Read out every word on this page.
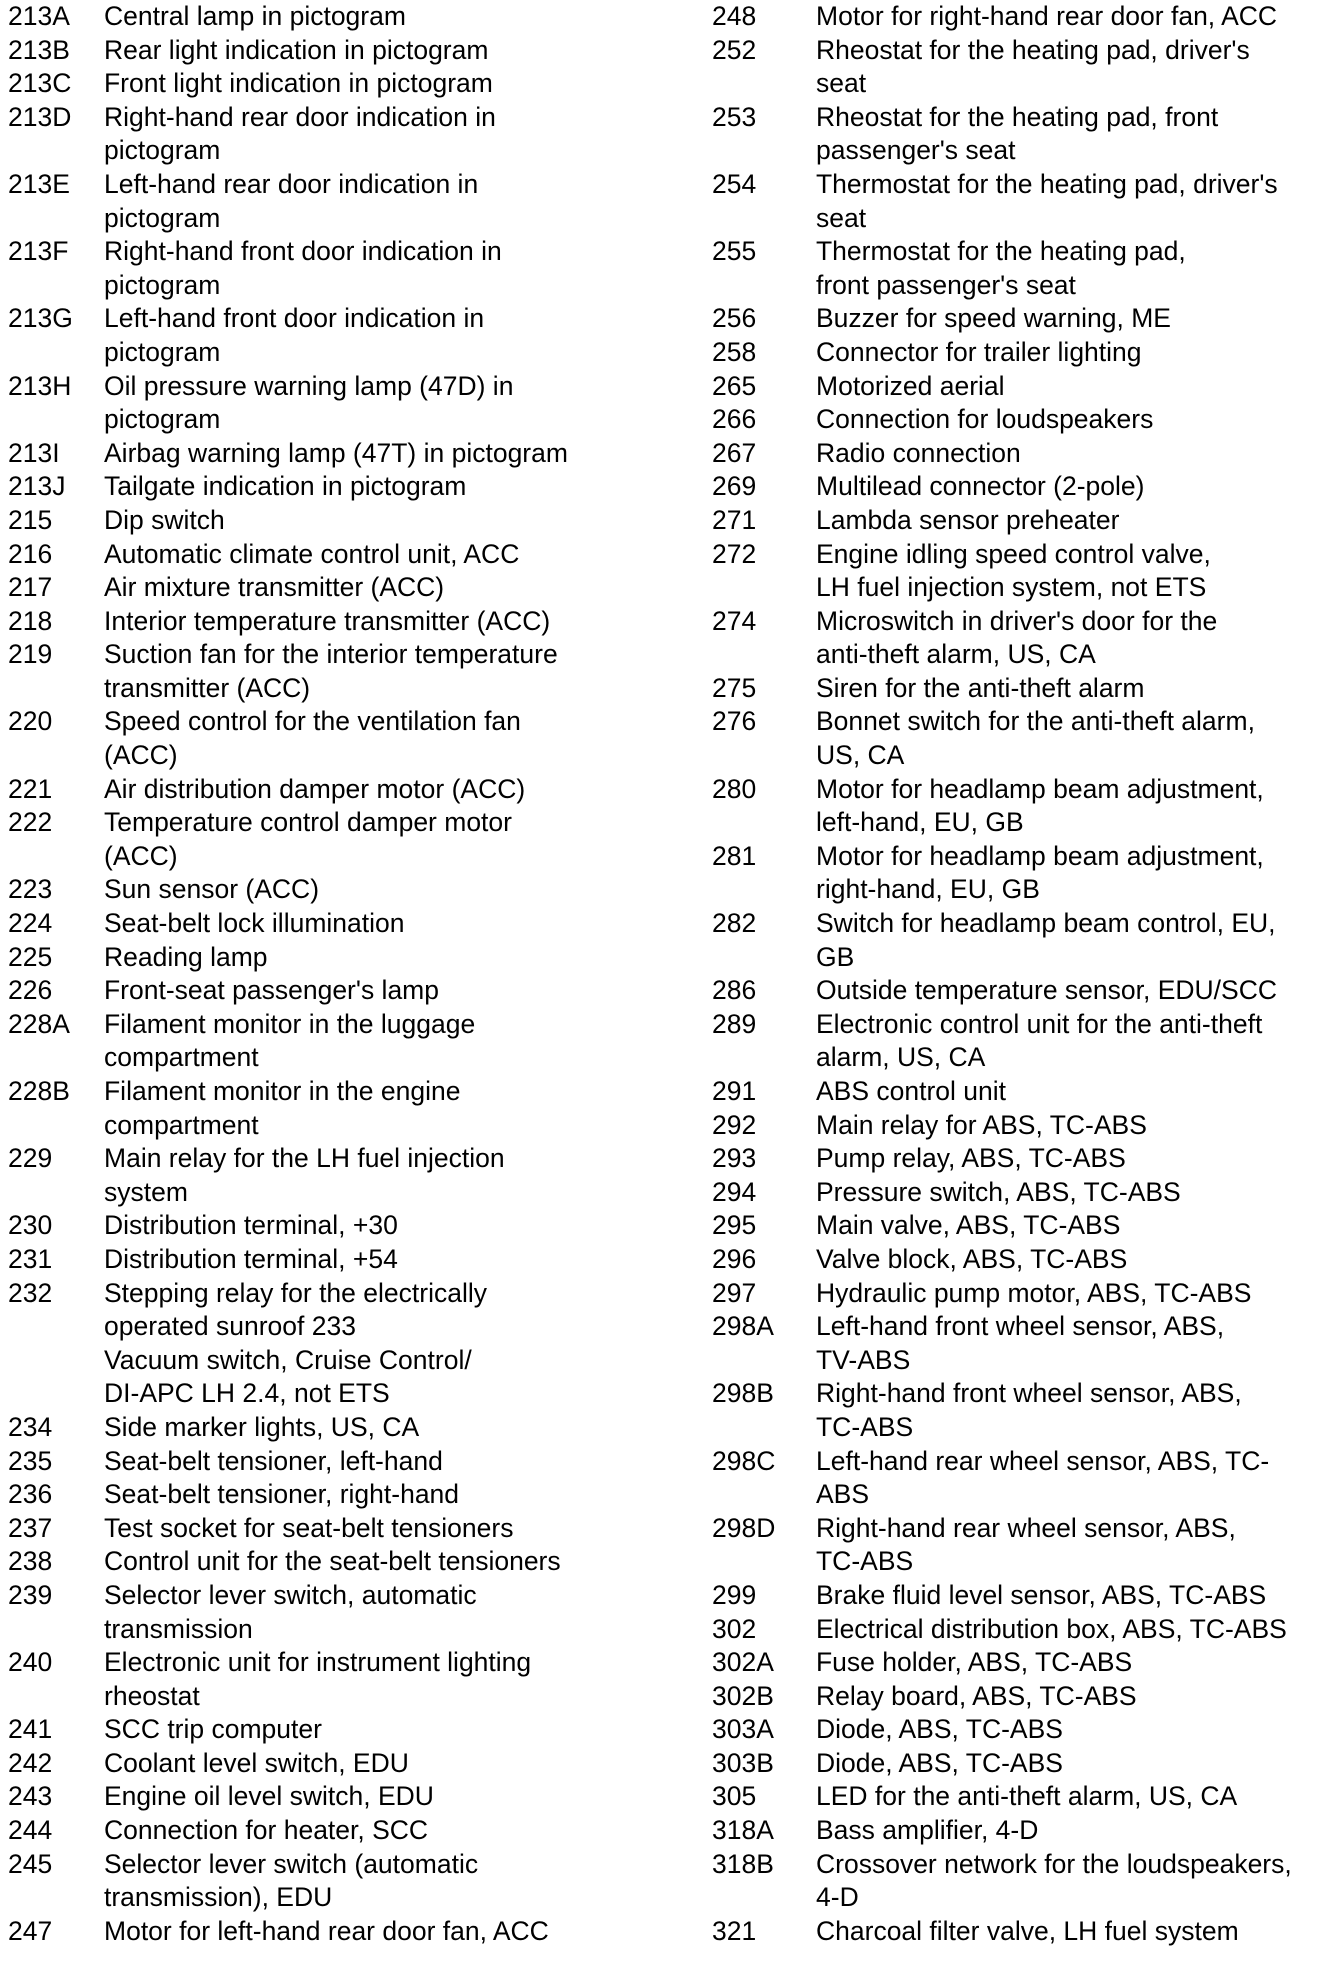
213A	Central lamp in pictogram
213B	Rear light indication in pictogram
213C	Front light indication in pictogram
213D	Right-hand rear door indication in
pictogram
213E	Left-hand rear door indication in
pictogram
213F	Right-hand front door indication in
pictogram
213G	Left-hand front door indication in
pictogram
213H	Oil pressure warning lamp (47D) in
pictogram
213I	Airbag warning lamp (47T) in pictogram
213J	Tailgate indication in pictogram
215	Dip switch
216	Automatic climate control unit, ACC
217	Air mixture transmitter (ACC)
218	Interior temperature transmitter (ACC)
219	Suction fan for the interior temperature
transmitter (ACC)
220	Speed control for the ventilation fan
(ACC)
221	Air distribution damper motor (ACC)
222	Temperature control damper motor
(ACC)
223	Sun sensor (ACC)
224	Seat-belt lock illumination
225	Reading lamp
226	Front-seat passenger's lamp
228A	Filament monitor in the luggage
compartment
228B	Filament monitor in the engine
compartment
229	Main relay for the LH fuel injection
system
230	Distribution terminal, +30
231	Distribution terminal, +54
232	Stepping relay for the electrically
operated sunroof 233
Vacuum switch, Cruise Control/
DI-APC LH 2.4, not ETS
234	Side marker lights, US, CA
235	Seat-belt tensioner, left-hand
236	Seat-belt tensioner, right-hand
237	Test socket for seat-belt tensioners
238	Control unit for the seat-belt tensioners
239	Selector lever switch, automatic
transmission
240	Electronic unit for instrument lighting
rheostat
241	SCC trip computer
242	Coolant level switch, EDU
243	Engine oil level switch, EDU
244	Connection for heater, SCC
245	Selector lever switch (automatic
transmission), EDU
247	Motor for left-hand rear door fan, ACC
248	Motor for right-hand rear door fan, ACC
252	Rheostat for the heating pad, driver's
seat
253	Rheostat for the heating pad, front
passenger's seat
254	Thermostat for the heating pad, driver's
seat
255	Thermostat for the heating pad,
front passenger's seat
256	Buzzer for speed warning, ME
258	Connector for trailer lighting
265	Motorized aerial
266	Connection for loudspeakers
267	Radio connection
269	Multilead connector (2-pole)
271	Lambda sensor preheater
272	Engine idling speed control valve,
LH fuel injection system, not ETS
274	Microswitch in driver's door for the
anti-theft alarm, US, CA
275	Siren for the anti-theft alarm
276	Bonnet switch for the anti-theft alarm,
US, CA
280	Motor for headlamp beam adjustment,
left-hand, EU, GB
281	Motor for headlamp beam adjustment,
right-hand, EU, GB
282	Switch for headlamp beam control, EU,
GB
286	Outside temperature sensor, EDU/SCC
289	Electronic control unit for the anti-theft
alarm, US, CA
291	ABS control unit
292	Main relay for ABS, TC-ABS
293	Pump relay, ABS, TC-ABS
294	Pressure switch, ABS, TC-ABS
295	Main valve, ABS, TC-ABS
296	Valve block, ABS, TC-ABS
297	Hydraulic pump motor, ABS, TC-ABS
298A	Left-hand front wheel sensor, ABS,
TV-ABS
298B	Right-hand front wheel sensor, ABS,
TC-ABS
298C	Left-hand rear wheel sensor, ABS, TC-
ABS
298D	Right-hand rear wheel sensor, ABS,
TC-ABS
299	Brake fluid level sensor, ABS, TC-ABS
302	Electrical distribution box, ABS, TC-ABS
302A	Fuse holder, ABS, TC-ABS
302B	Relay board, ABS, TC-ABS
303A	Diode, ABS, TC-ABS
303B	Diode, ABS, TC-ABS
305	LED for the anti-theft alarm, US, CA
318A	Bass amplifier, 4-D
318B	Crossover network for the loudspeakers,
4-D
321	Charcoal filter valve, LH fuel system
